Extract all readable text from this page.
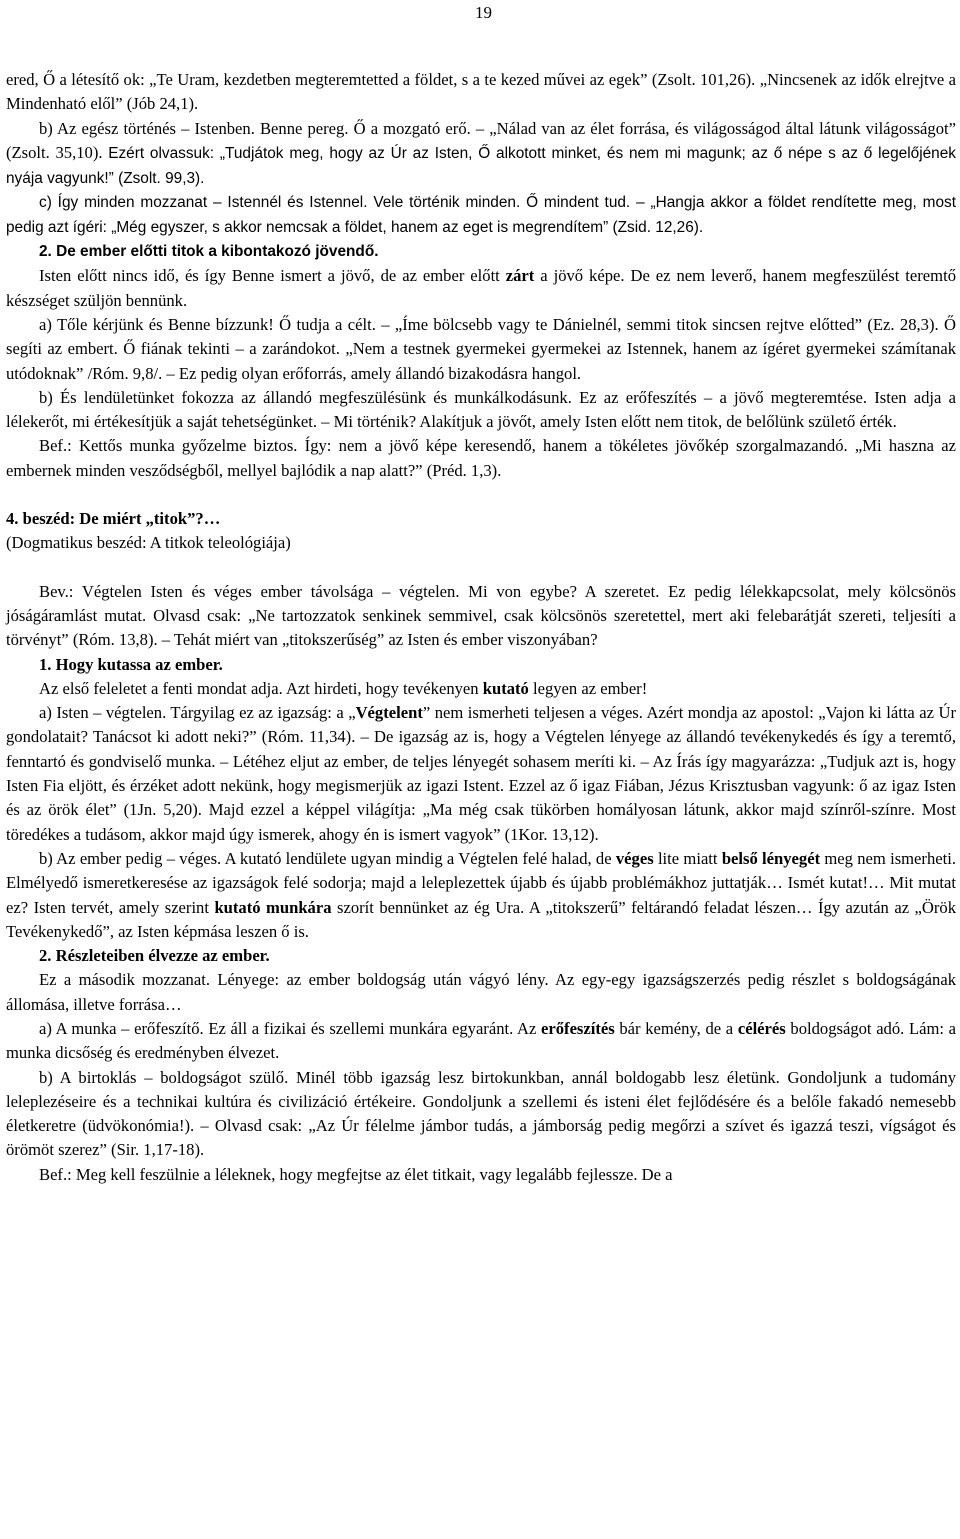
19

ered, Ő a létesítő ok: „Te Uram, kezdetben megteremtetted a földet, s a te kezed művei az egek” (Zsolt. 101,26). „Nincsenek az idők elrejtve a Mindenható elől” (Jób 24,1).

b) Az egész történés – Istenben. Benne pereg. Ő a mozgató erő. – „Nálad van az élet forrása, és világosságod által látunk világosságot” (Zsolt. 35,10). Ezért olvassuk: „Tudjátok meg, hogy az Úr az Isten, Ő alkotott minket, és nem mi magunk; az ő népe s az ő legelőjének nyája vagyunk!” (Zsolt. 99,3).

c) Így minden mozzanat – Istennél és Istennel. Vele történik minden. Ő mindent tud. – „Hangja akkor a földet rendítette meg, most pedig azt ígéri: „Még egyszer, s akkor nemcsak a földet, hanem az eget is megrendítem” (Zsid. 12,26).

2. De ember előtti titok a kibontakozó jövendő.

Isten előtt nincs idő, és így Benne ismert a jövő, de az ember előtt zárt a jövő képe. De ez nem leverő, hanem megfeszülést teremtő készséget szüljön bennünk.

a) Tőle kérjünk és Benne bízzunk! Ő tudja a célt. – „Íme bölcsebb vagy te Dánielnél, semmi titok sincsen rejtve előtted” (Ez. 28,3). Ő segíti az embert. Ő fiának tekinti – a zarándokot. „Nem a testnek gyermekei gyermekei az Istennek, hanem az ígéret gyermekei számítanak utódoknak” /Róm. 9,8/. – Ez pedig olyan erőforrás, amely állandó bizakodásra hangol.

b) És lendületünket fokozza az állandó megfeszülésünk és munkálkodásunk. Ez az erőfeszítés – a jövő megteremtése. Isten adja a lélekerőt, mi értékesítjük a saját tehetségünket. – Mi történik? Alakítjuk a jövőt, amely Isten előtt nem titok, de belőlünk születő érték.

Bef.: Kettős munka győzelme biztos. Így: nem a jövő képe keresendő, hanem a tökéletes jövőkép szorgalmazandó. „Mi haszna az embernek minden vesződségből, mellyel bajlódik a nap alatt?” (Préd. 1,3).

4. beszéd: De miért „titok”?…

(Dogmatikus beszéd: A titkok teleológiája)

Bev.: Végtelen Isten és véges ember távolsága – végtelen. Mi von egybe? A szeretet. Ez pedig lélekkapcsolat, mely kölcsönös jóságáramlást mutat. Olvasd csak: „Ne tartozzatok senkinek semmivel, csak kölcsönös szeretettel, mert aki felebarátját szereti, teljesíti a törvényt” (Róm. 13,8). – Tehát miért van „titokszerűség” az Isten és ember viszonyában?

1. Hogy kutassa az ember.

Az első feleletet a fenti mondat adja. Azt hirdeti, hogy tevékenyen kutató legyen az ember!

a) Isten – végtelen. Tárgyilag ez az igazság: a „Végtelent” nem ismerheti teljesen a véges. Azért mondja az apostol: „Vajon ki látta az Úr gondolatait? Tanácsot ki adott neki?” (Róm. 11,34). – De igazság az is, hogy a Végtelen lényege az állandó tevékenykedés és így a teremtő, fenntartó és gondviselő munka. – Létéhez eljut az ember, de teljes lényegét sohasem meríti ki. – Az Írás így magyarázza: „Tudjuk azt is, hogy Isten Fia eljött, és érzéket adott nekünk, hogy megismerjük az igazi Istent. Ezzel az ő igaz Fiában, Jézus Krisztusban vagyunk: ő az igaz Isten és az örök élet” (1Jn. 5,20). Majd ezzel a képpel világítja: „Ma még csak tükörben homályosan látunk, akkor majd színről-színre. Most töredékes a tudásom, akkor majd úgy ismerek, ahogy én is ismert vagyok” (1Kor. 13,12).

b) Az ember pedig – véges. A kutató lendülete ugyan mindig a Végtelen felé halad, de véges lite miatt belső lényegét meg nem ismerheti. Elmélyedő ismeretkeresése az igazságok felé sodorja; majd a leleplezettek újabb és újabb problémákhoz juttatják… Ismét kutat!… Mit mutat ez? Isten tervét, amely szerint kutató munkára szorít bennünket az ég Ura. A „titokszerű” feltárandó feladat lészen… Így azután az „Örök Tevékenykedő”, az Isten képmása leszen ő is.

2. Részleteiben élvezze az ember.

Ez a második mozzanat. Lényege: az ember boldogság után vágyó lény. Az egy-egy igazságszerzés pedig részlet s boldogságának állomása, illetve forrása…

a) A munka – erőfeszítő. Ez áll a fizikai és szellemi munkára egyaránt. Az erőfeszítés bár kemény, de a célérés boldogságot adó. Lám: a munka dicsőség és eredményben élvezet.

b) A birtoklás – boldogságot szülő. Minél több igazság lesz birtokunkban, annál boldogabb lesz életünk. Gondoljunk a tudomány leleplezéseire és a technikai kultúra és civilizáció értékeire. Gondoljunk a szellemi és isteni élet fejlődésére és a belőle fakadó nemesebb életkeretre (üdvökonómia!). – Olvasd csak: „Az Úr félelme jámbor tudás, a jámborság pedig megőrzi a szívet és igazzá teszi, vígságot és örömöt szerez” (Sir. 1,17-18).

Bef.: Meg kell feszülnie a léleknek, hogy megfejtse az élet titkait, vagy legalább fejlessze. De a
